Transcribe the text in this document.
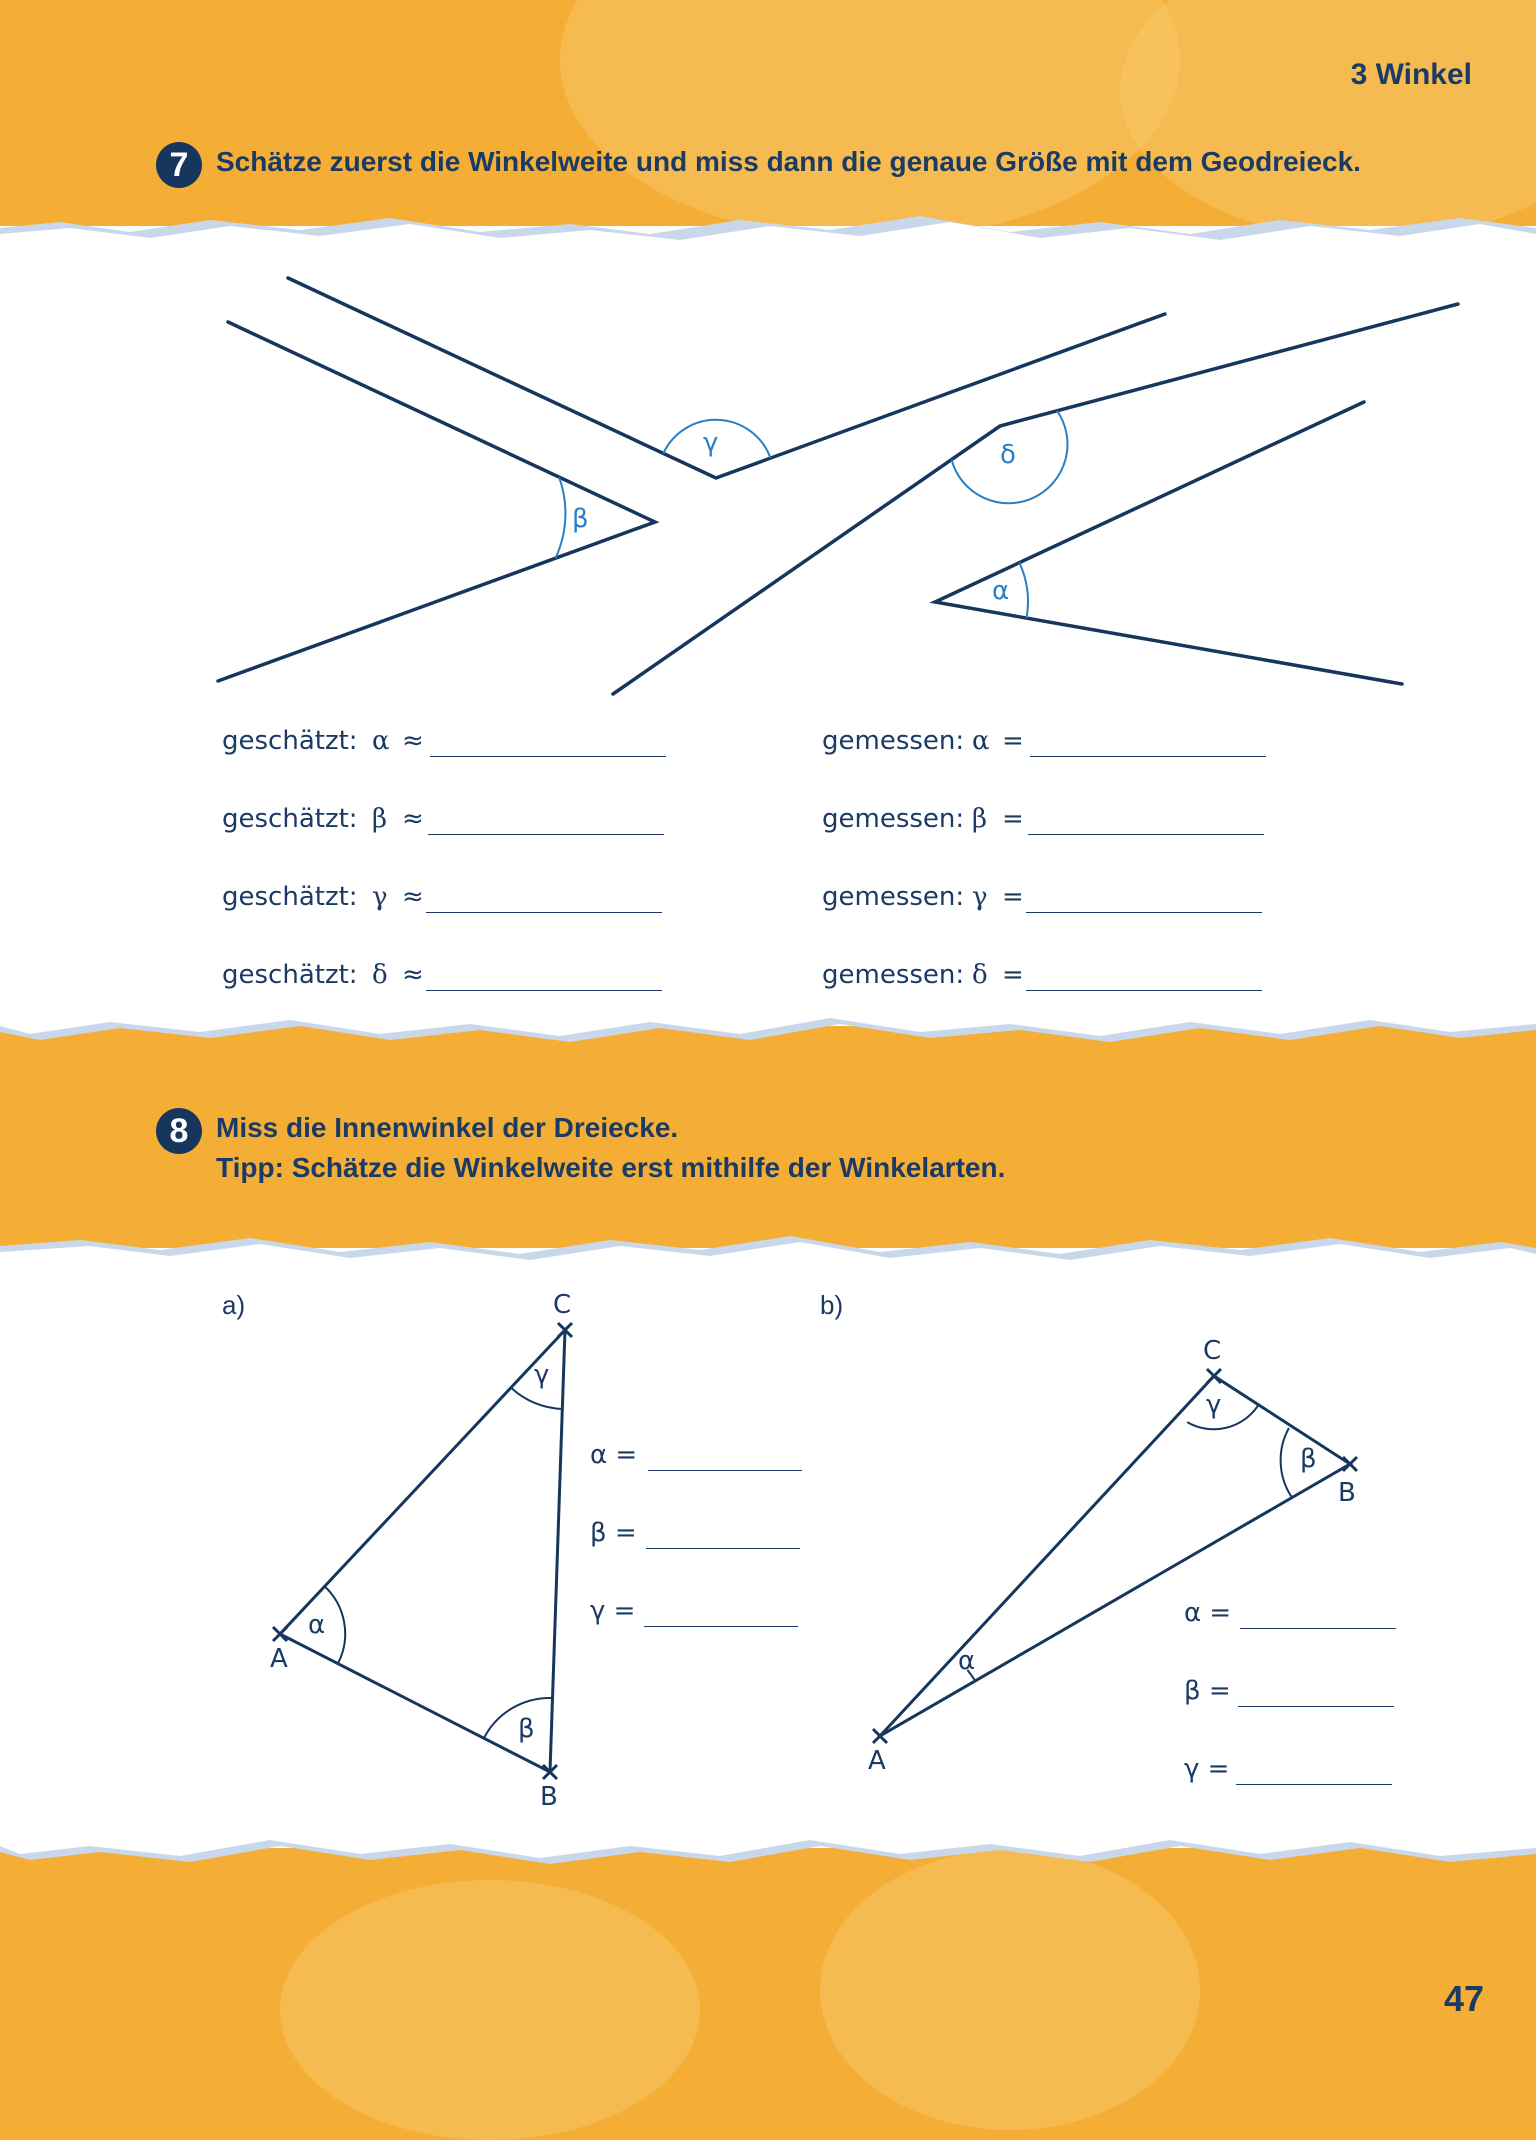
3 Winkel
7 Schätze zuerst die Winkelweite und miss dann die genaue Größe mit dem Geodreieck.
β
γ	δ
α
geschätzt: α ≈
geschätzt: β ≈
geschätzt: γ ≈
geschätzt: δ ≈
gemessen: α =
gemessen: β =
gemessen: γ =
gemessen: δ =
8 Miss die Innenwinkel der Dreiecke.
Tipp: Schätze die Winkelweite erst mithilfe der Winkelarten.
a)	C
A
B
γ
α
β
α =
β =
γ =
b)
C
B
A
γ
β
α
α =
β =
γ =
47
